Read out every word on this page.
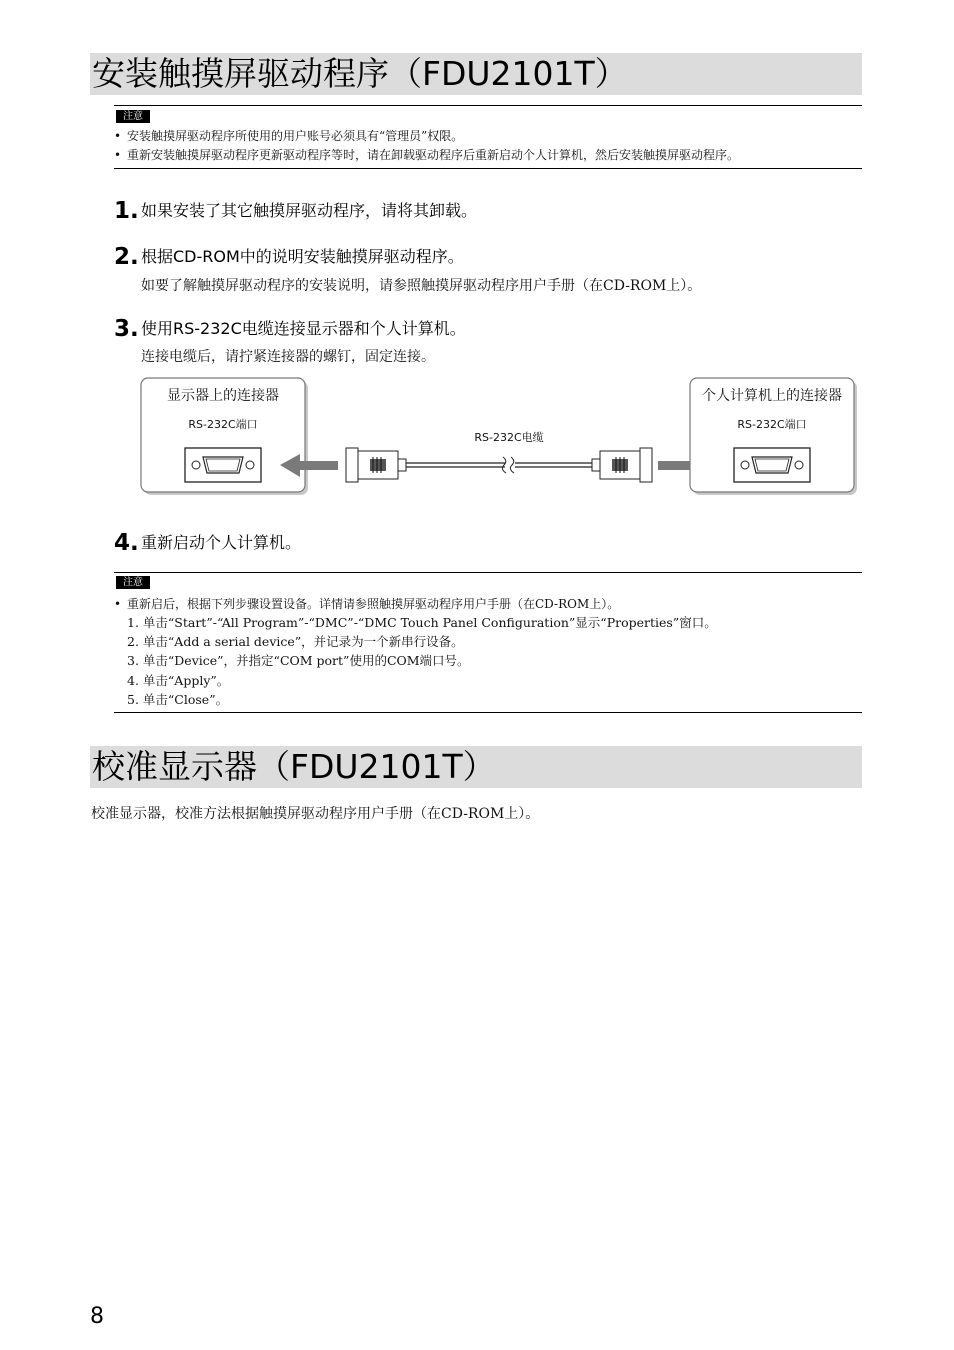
安装触摸屏驱动程序（FDU2101T）
注意
• 安装触摸屏驱动程序所使用的用户账号必须具有“管理员”权限。
• 重新安装触摸屏驱动程序更新驱动程序等时，请在卸载驱动程序后重新启动个人计算机，然后安装触摸屏驱动程序。
1. 如果安装了其它触摸屏驱动程序，请将其卸载。
2. 根据CD-ROM中的说明安装触摸屏驱动程序。
如要了解触摸屏驱动程序的安装说明，请参照触摸屏驱动程序用户手册（在CD-ROM上）。
3. 使用RS-232C电缆连接显示器和个人计算机。
连接电缆后，请拧紧连接器的螺钉，固定连接。
显示器上的连接器
RS-232C端口
RS-232C电缆
个人计算机上的连接器
RS-232C端口
4. 重新启动个人计算机。
注意
• 重新启后，根据下列步骤设置设备。详情请参照触摸屏驱动程序用户手册（在CD-ROM上）。
1. 单击“Start”-“All Program”-“DMC”-“DMC Touch Panel Configuration”显示“Properties”窗口。
2. 单击“Add a serial device”，并记录为一个新串行设备。
3. 单击“Device”，并指定“COM port”使用的COM端口号。
4. 单击“Apply”。
5. 单击“Close”。
校准显示器（FDU2101T）
校准显示器，校准方法根据触摸屏驱动程序用户手册（在CD-ROM上）。
8
